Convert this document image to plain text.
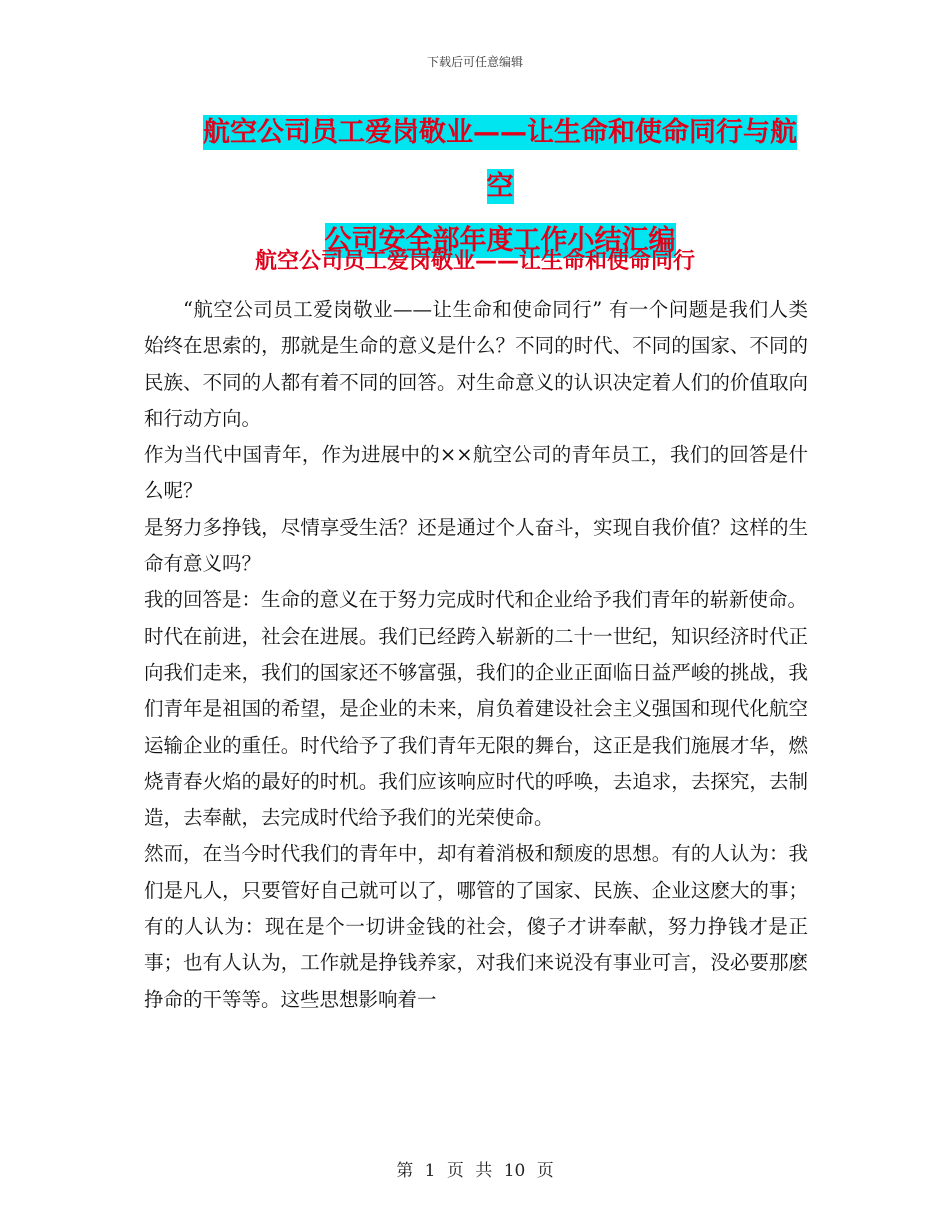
下载后可任意编辑
航空公司员工爱岗敬业——让生命和使命同行与航空
公司安全部年度工作小结汇编
航空公司员工爱岗敬业——让生命和使命同行

“航空公司员工爱岗敬业——让生命和使命同行” 有一个问题是我们人类始终在思索的，那就是生命的意义是什么？不同的时代、不同的国家、不同的民族、不同的人都有着不同的回答。对生命意义的认识决定着人们的价值取向和行动方向。

作为当代中国青年，作为进展中的××航空公司的青年员工，我们的回答是什么呢？

是努力多挣钱，尽情享受生活？还是通过个人奋斗，实现自我价值？这样的生命有意义吗？

我的回答是：生命的意义在于努力完成时代和企业给予我们青年的崭新使命。

时代在前进，社会在进展。我们已经跨入崭新的二十一世纪，知识经济时代正向我们走来，我们的国家还不够富强，我们的企业正面临日益严峻的挑战，我们青年是祖国的希望，是企业的未来，肩负着建设社会主义强国和现代化航空运输企业的重任。时代给予了我们青年无限的舞台，这正是我们施展才华，燃烧青春火焰的最好的时机。我们应该响应时代的呼唤，去追求，去探究，去制造，去奉献，去完成时代给予我们的光荣使命。

然而，在当今时代我们的青年中，却有着消极和颓废的思想。有的人认为：我们是凡人，只要管好自己就可以了，哪管的了国家、民族、企业这麽大的事；有的人认为：现在是个一切讲金钱的社会，傻子才讲奉献，努力挣钱才是正事；也有人认为，工作就是挣钱养家，对我们来说没有事业可言，没必要那麽挣命的干等等。这些思想影响着一

第 1 页 共 10 页
